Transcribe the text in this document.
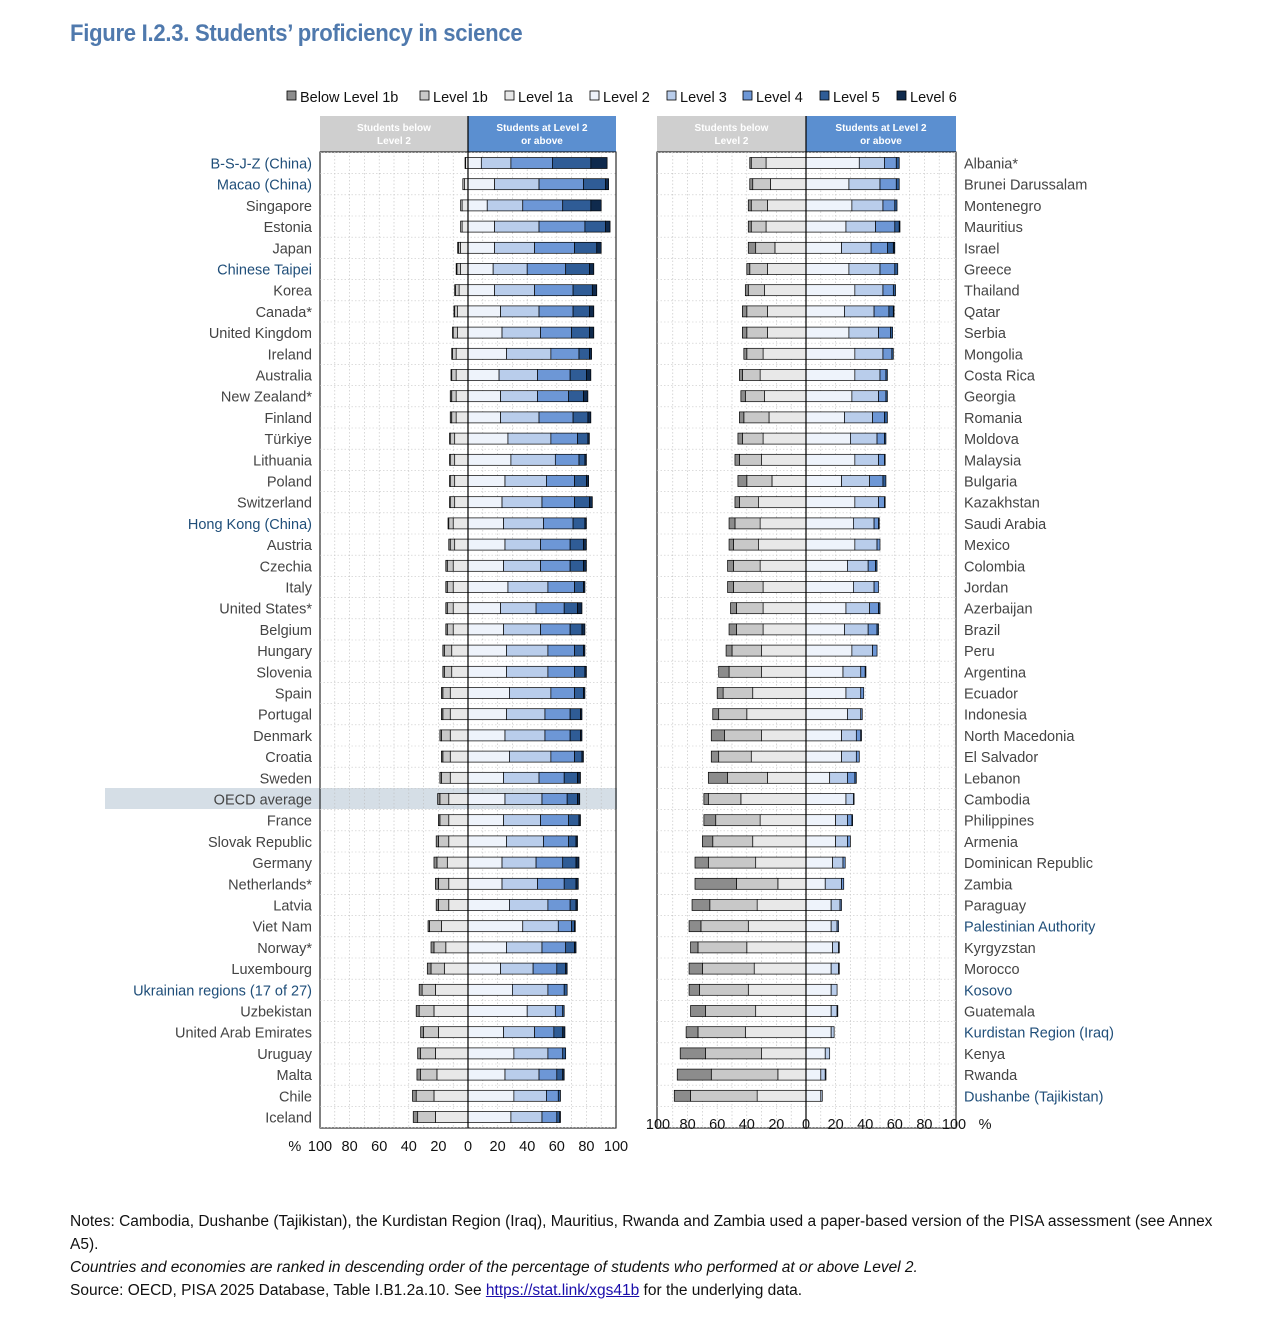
Figure I.2.3. Students’ proficiency in science
Below Level 1b Level 1b Level 1a Level 2 Level 3 Level 4 Level 5 Level 6
Students below
Level 2
Students at Level 2
or above
B-S-J-Z (China)
Macao (China)
Singapore
Estonia
Japan
Chinese Taipei
Korea
Canada*
United Kingdom
Ireland
Australia
New Zealand*
Finland
Türkiye
Lithuania
Poland
Switzerland
Hong Kong (China)
Austria
Czechia
Italy
United States*
Belgium
Hungary
Slovenia
Spain
Portugal
Denmark
Croatia
Sweden
OECD average
France
Slovak Republic
Germany
Netherlands*
Latvia
Viet Nam
Norway*
Luxembourg
Ukrainian regions (17 of 27)
Uzbekistan
United Arab Emirates
Uruguay
Malta
Chile
Iceland
% 100 80 60 40 20 0 20 40 60 80 100
Students below
Level 2
Students at Level 2
or above
Albania*
Brunei Darussalam
Montenegro
Mauritius
Israel
Greece
Thailand
Qatar
Serbia
Mongolia
Costa Rica
Georgia
Romania
Moldova
Malaysia
Bulgaria
Kazakhstan
Saudi Arabia
Mexico
Colombia
Jordan
Azerbaijan
Brazil
Peru
Argentina
Ecuador
Indonesia
North Macedonia
El Salvador
Lebanon
Cambodia
Philippines
Armenia
Dominican Republic
Zambia
Paraguay
Palestinian Authority
Kyrgyzstan
Morocco
Kosovo
Guatemala
Kurdistan Region (Iraq)
Kenya
Rwanda
Dushanbe (Tajikistan)
100 80 60 40 20 0 20 40 60 80 100 %

Notes: Cambodia, Dushanbe (Tajikistan), the Kurdistan Region (Iraq), Mauritius, Rwanda and Zambia used a paper-based version of the PISA assessment (see Annex A5).

Countries and economies are ranked in descending order of the percentage of students who performed at or above Level 2.

Source: OECD, PISA 2025 Database, Table I.B1.2a.10. See https://stat.link/xgs41b for the underlying data.
